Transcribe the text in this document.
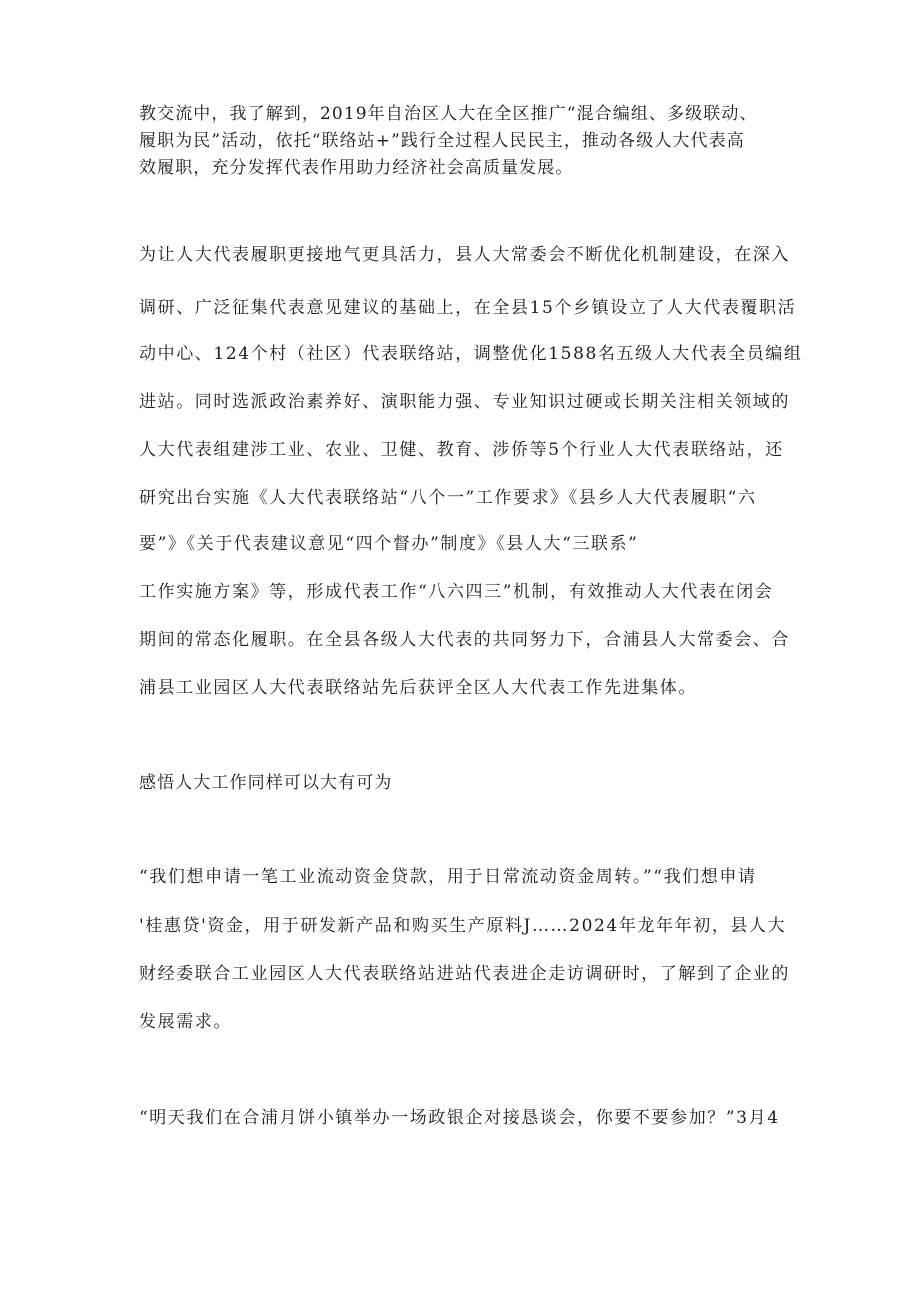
教交流中，我了解到，2019年自治区人大在全区推广“混合编组、多级联动、
履职为民”活动，依托“联络站+”践行全过程人民民主，推动各级人大代表高
效履职，充分发挥代表作用助力经济社会高质量发展。
为让人大代表履职更接地气更具活力，县人大常委会不断优化机制建设，在深入
调研、广泛征集代表意见建议的基础上，在全县15个乡镇设立了人大代表覆职活
动中心、124个村（社区）代表联络站，调整优化1588名五级人大代表全员编组
进站。同时选派政治素养好、演职能力强、专业知识过硬或长期关注相关领域的
人大代表组建涉工业、农业、卫健、教育、涉侨等5个行业人大代表联络站，还
研究出台实施《人大代表联络站“八个一”工作要求》《县乡人大代表履职“六
要”》《关于代表建议意见“四个督办”制度》《县人大“三联系”
工作实施方案》等，形成代表工作“八六四三”机制，有效推动人大代表在闭会
期间的常态化履职。在全县各级人大代表的共同努力下，合浦县人大常委会、合
浦县工业园区人大代表联络站先后获评全区人大代表工作先进集体。
感悟人大工作同样可以大有可为
“我们想申请一笔工业流动资金贷款，用于日常流动资金周转。”“我们想申请
'桂惠贷'资金，用于研发新产品和购买生产原料J……2024年龙年年初，县人大
财经委联合工业园区人大代表联络站进站代表进企走访调研时，了解到了企业的
发展需求。
“明天我们在合浦月饼小镇举办一场政银企对接恳谈会，你要不要参加？”3月4
